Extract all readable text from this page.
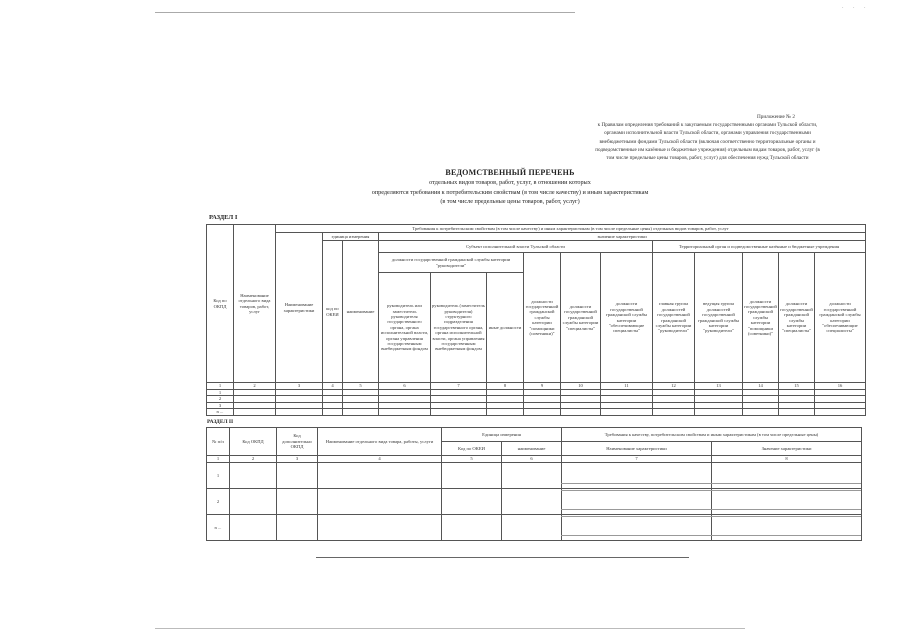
. . .
Приложение № 2
к Правилам определения требований к закупаемым государственными органами Тульской области,
органами исполнительной власти Тульской области, органами управления государственными
внебюджетными фондами Тульской области (включая соответственно территориальные органы и
подведомственные им казённые и бюджетные учреждения) отдельным видам товаров, работ, услуг (в
том числе предельные цены товаров, работ, услуг) для обеспечения нужд Тульской области
ВЕДОМСТВЕННЫЙ ПЕРЕЧЕНЬ
отдельных видов товаров, работ, услуг, в отношении которых
определяются требования к потребительским свойствам (в том числе качеству) и иным характеристикам
(в том числе предельные цены товаров, работ, услуг)
РАЗДЕЛ I
Код по ОКПД	Наименование отдельного вида товаров, работ, услуг	Требования к потребительским свойствам (в том числе качеству) и иным характеристикам (в том числе предельные цены) отдельных видов товаров, работ, услуг													
		Наименование характеристики	единица измерения		значение характеристики										
			код по ОКЕИ	наименование	Субъект исполнительной власти Тульской области						Территориальный орган и подведомственные казённые и бюджетные учреждения				
					должности государственной гражданской службы категории "руководители"			должности государственной гражданской службы категории "помощники (советники)"	должности государственной гражданской службы категории "специалисты"	должности государственной гражданской службы категории "обеспечивающие специалисты"	главная группа должностей государственной гражданской службы категории "руководители"	ведущая группа должностей государственной гражданской службы категории "руководители"	должности государственной гражданской службы категории "помощники (советники)"	должности государственной гражданской службы категории "специалисты"	должности государственной гражданской службы категории "обеспечивающие специалисты"
					руководитель или заместитель руководителя государственного органа, органа исполнительной власти, органа управления государственным внебюджетным фондом	руководитель (заместитель руководителя) структурного подразделения государственного органа, органа исполнительной власти, органа управления государственным внебюджетным фондом	иные должности								
1	2	3	4	5	6	7	8	9	10	11	12	13	14	15	16
1															
2															
3															
n ...															
РАЗДЕЛ II
№ п/п	Код ОКПД	Код дополнительно ОКПД	Наименование отдельного вида товара, работы, услуги	Единица измерения		Требования к качеству, потребительским свойствам и иным характеристикам (в том числе предельные цены)	
				Код по ОКЕИ	наименование	Наименование характеристики	Значение характеристики
1	2	3	4	5	6	7	8
1							
2							
n ...							
